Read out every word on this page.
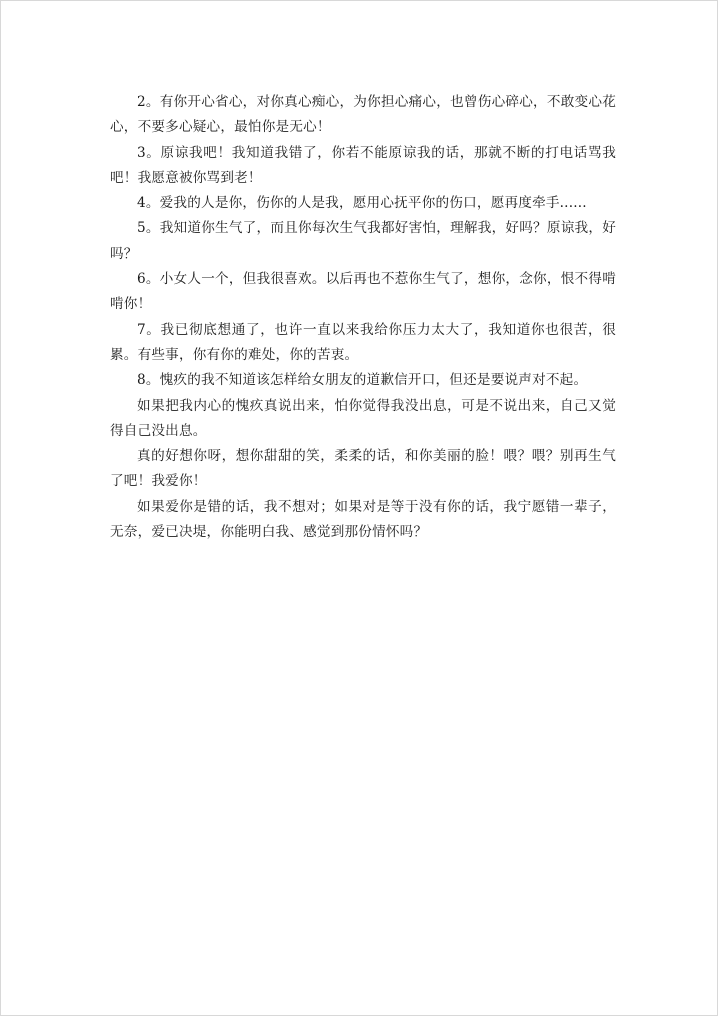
2。有你开心省心，对你真心痴心，为你担心痛心，也曾伤心碎心，不敢变心花心，不要多心疑心，最怕你是无心！

3。原谅我吧！我知道我错了，你若不能原谅我的话，那就不断的打电话骂我吧！我愿意被你骂到老！

4。爱我的人是你，伤你的人是我，愿用心抚平你的伤口，愿再度牵手......

5。我知道你生气了，而且你每次生气我都好害怕，理解我，好吗？原谅我，好吗？

6。小女人一个，但我很喜欢。以后再也不惹你生气了，想你，念你，恨不得啃啃你！

7。我已彻底想通了，也许一直以来我给你压力太大了，我知道你也很苦，很累。有些事，你有你的难处，你的苦衷。

8。愧疚的我不知道该怎样给女朋友的道歉信开口，但还是要说声对不起。

如果把我内心的愧疚真说出来，怕你觉得我没出息，可是不说出来，自己又觉得自己没出息。

真的好想你呀，想你甜甜的笑，柔柔的话，和你美丽的脸！喂？喂？别再生气了吧！我爱你！

如果爱你是错的话，我不想对；如果对是等于没有你的话，我宁愿错一辈子，无奈，爱已决堤，你能明白我、感觉到那份情怀吗？
